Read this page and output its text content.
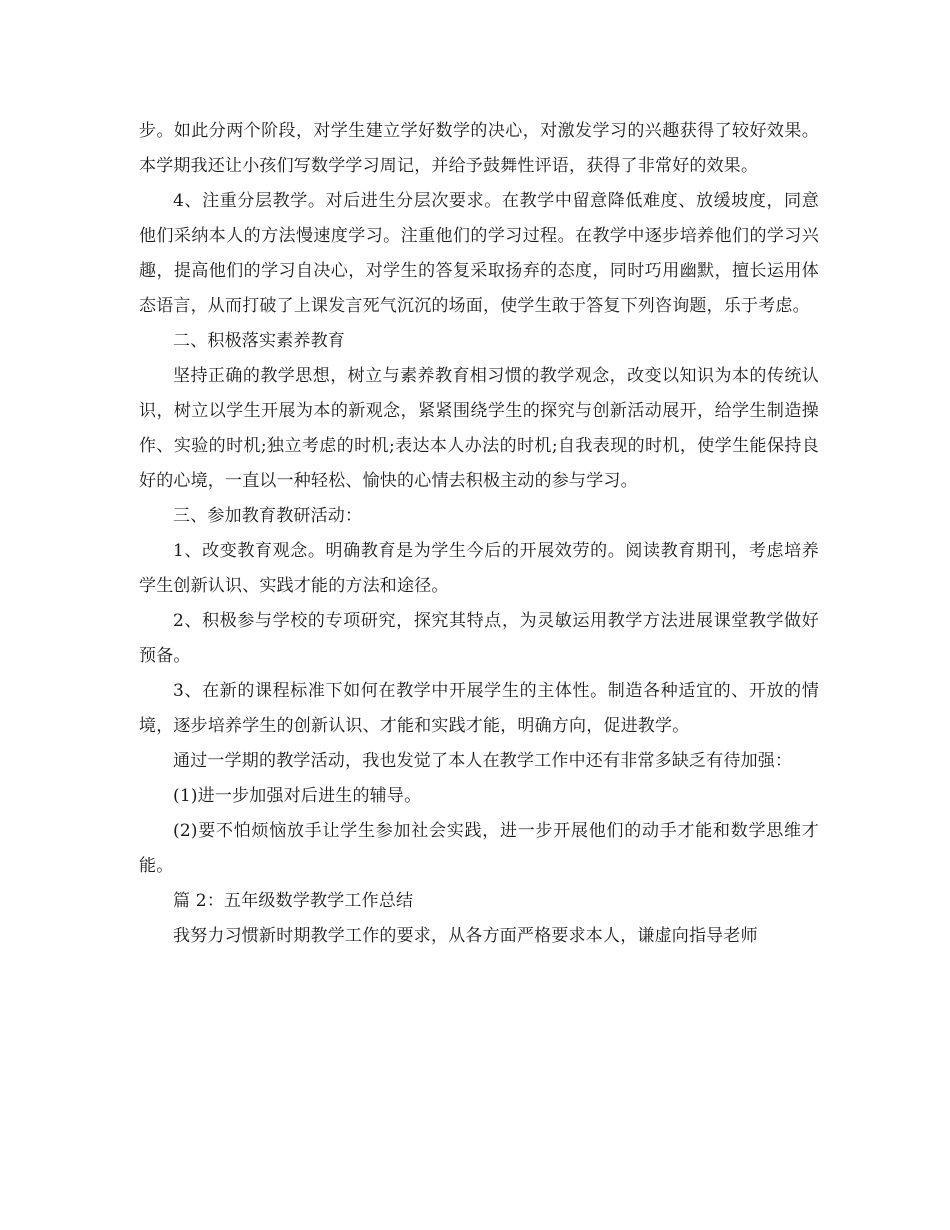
步。如此分两个阶段，对学生建立学好数学的决心，对激发学习的兴趣获得了较好效果。本学期我还让小孩们写数学学习周记，并给予鼓舞性评语，获得了非常好的效果。

4、注重分层教学。对后进生分层次要求。在教学中留意降低难度、放缓坡度，同意他们采纳本人的方法慢速度学习。注重他们的学习过程。在教学中逐步培养他们的学习兴趣，提高他们的学习自决心，对学生的答复采取扬弃的态度，同时巧用幽默，擅长运用体态语言，从而打破了上课发言死气沉沉的场面，使学生敢于答复下列咨询题，乐于考虑。

二、积极落实素养教育

坚持正确的教学思想，树立与素养教育相习惯的教学观念，改变以知识为本的传统认识，树立以学生开展为本的新观念，紧紧围绕学生的探究与创新活动展开，给学生制造操作、实验的时机;独立考虑的时机;表达本人办法的时机;自我表现的时机，使学生能保持良好的心境，一直以一种轻松、愉快的心情去积极主动的参与学习。

三、参加教育教研活动：

1、改变教育观念。明确教育是为学生今后的开展效劳的。阅读教育期刊，考虑培养学生创新认识、实践才能的方法和途径。

2、积极参与学校的专项研究，探究其特点，为灵敏运用教学方法进展课堂教学做好预备。

3、在新的课程标准下如何在教学中开展学生的主体性。制造各种适宜的、开放的情境，逐步培养学生的创新认识、才能和实践才能，明确方向，促进教学。

通过一学期的教学活动，我也发觉了本人在教学工作中还有非常多缺乏有待加强：

(1)进一步加强对后进生的辅导。

(2)要不怕烦恼放手让学生参加社会实践，进一步开展他们的动手才能和数学思维才能。

篇 2：五年级数学教学工作总结

我努力习惯新时期教学工作的要求，从各方面严格要求本人，谦虚向指导老师
